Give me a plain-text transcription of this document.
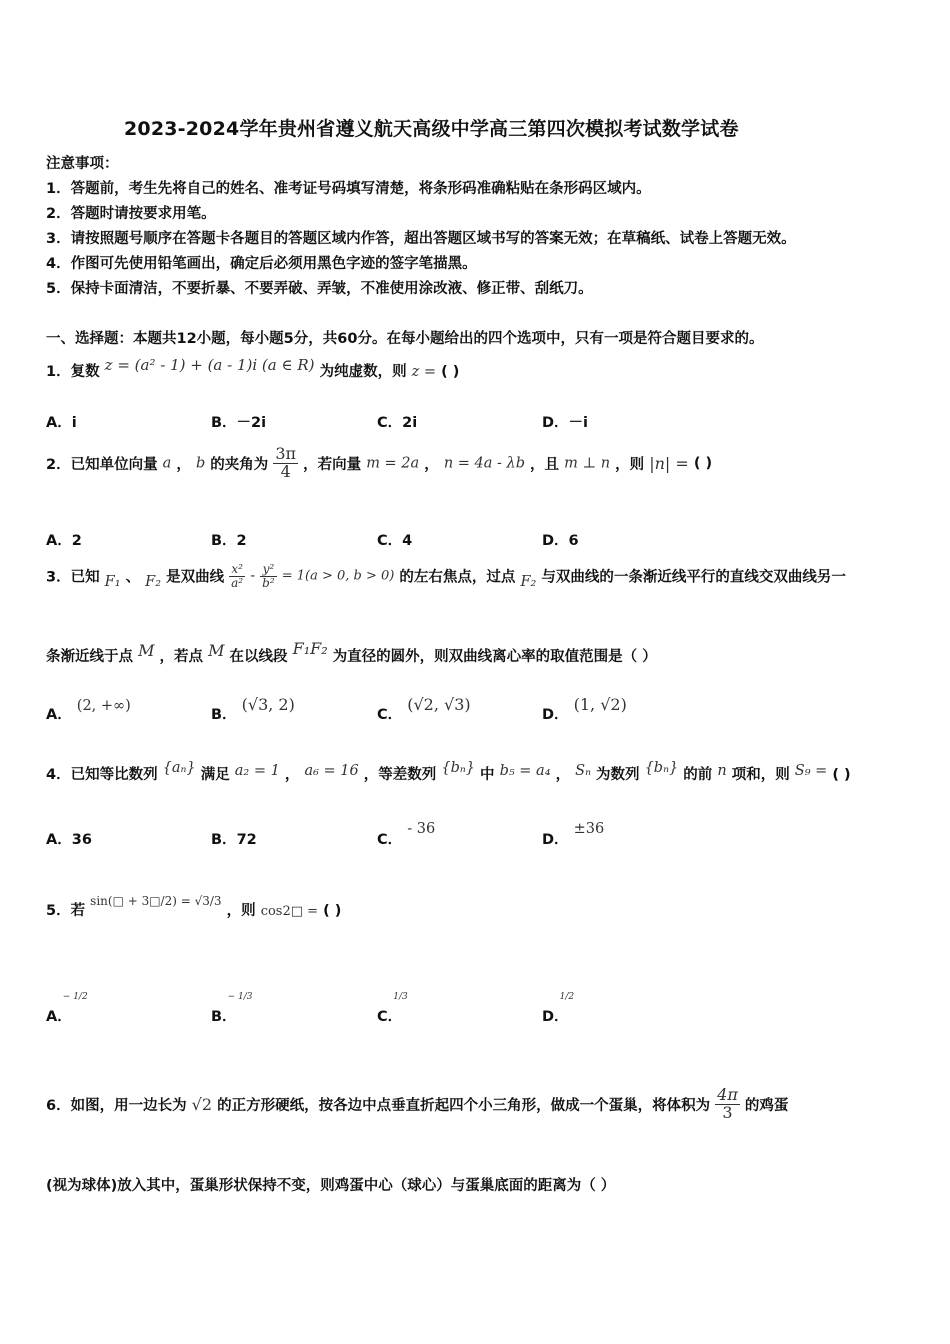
2023-2024学年贵州省遵义航天高级中学高三第四次模拟考试数学试卷
注意事项：
1．答题前，考生先将自己的姓名、准考证号码填写清楚，将条形码准确粘贴在条形码区域内。
2．答题时请按要求用笔。
3．请按照题号顺序在答题卡各题目的答题区域内作答，超出答题区域书写的答案无效；在草稿纸、试卷上答题无效。
4．作图可先使用铅笔画出，确定后必须用黑色字迹的签字笔描黑。
5．保持卡面清洁，不要折暴、不要弄破、弄皱，不准使用涂改液、修正带、刮纸刀。
一、选择题：本题共12小题，每小题5分，共60分。在每小题给出的四个选项中，只有一项是符合题目要求的。
1．复数 z = (a² - 1) + (a - 1)i (a ∈ R) 为纯虚数，则 z = ( )
A．i	B．－2i	C．2i	D．－i
2．已知单位向量 a ， b 的夹角为 $\frac{3\pi}{4}$ ，若向量 m = 2a ， n = 4a - λb ，且 m ⊥ n ，则 |n| = ( )
A．2	B．2	C．4	D．6
3．已知 F₁ 、 F₂ 是双曲线 $\frac{\text{x²}}{\text{a²}} - \frac{\text{y²}}{\text{b²}} = 1(a > 0$, b > 0) 的左右焦点，过点 F₂ 与双曲线的一条渐近线平行的直线交双曲线另一
条渐近线于点 M ，若点 M 在以线段 F₁F₂ 为直径的圆外，则双曲线离心率的取值范围是（ ）
A． (2, +∞)
B． (√3, 2)
C． (√2, √3)
D． (1, √2)
4．已知等比数列 {aₙ} 满足 a₂ = 1 ， a₆ = 16 ，等差数列 {bₙ} 中 b₅ = a₄ ， Sₙ 为数列 {bₙ} 的前 n 项和，则 S₉ = ( )
A．36	B．72	C． - 36
D． ±36
5．若 $^{sin(□ + 3□/2) = √3/3}$ ，则 cos2□ = ( )
A． $^{- 1/2}$
B． $^{- 1/3}$
C． $^{1/3}$
D． $^{1/2}$
6．如图，用一边长为 √2 的正方形硬纸，按各边中点垂直折起四个小三角形，做成一个蛋巢，将体积为 $\frac{4\pi}{3}$ 的鸡蛋
(视为球体)放入其中，蛋巢形状保持不变，则鸡蛋中心（球心）与蛋巢底面的距离为（ ）
